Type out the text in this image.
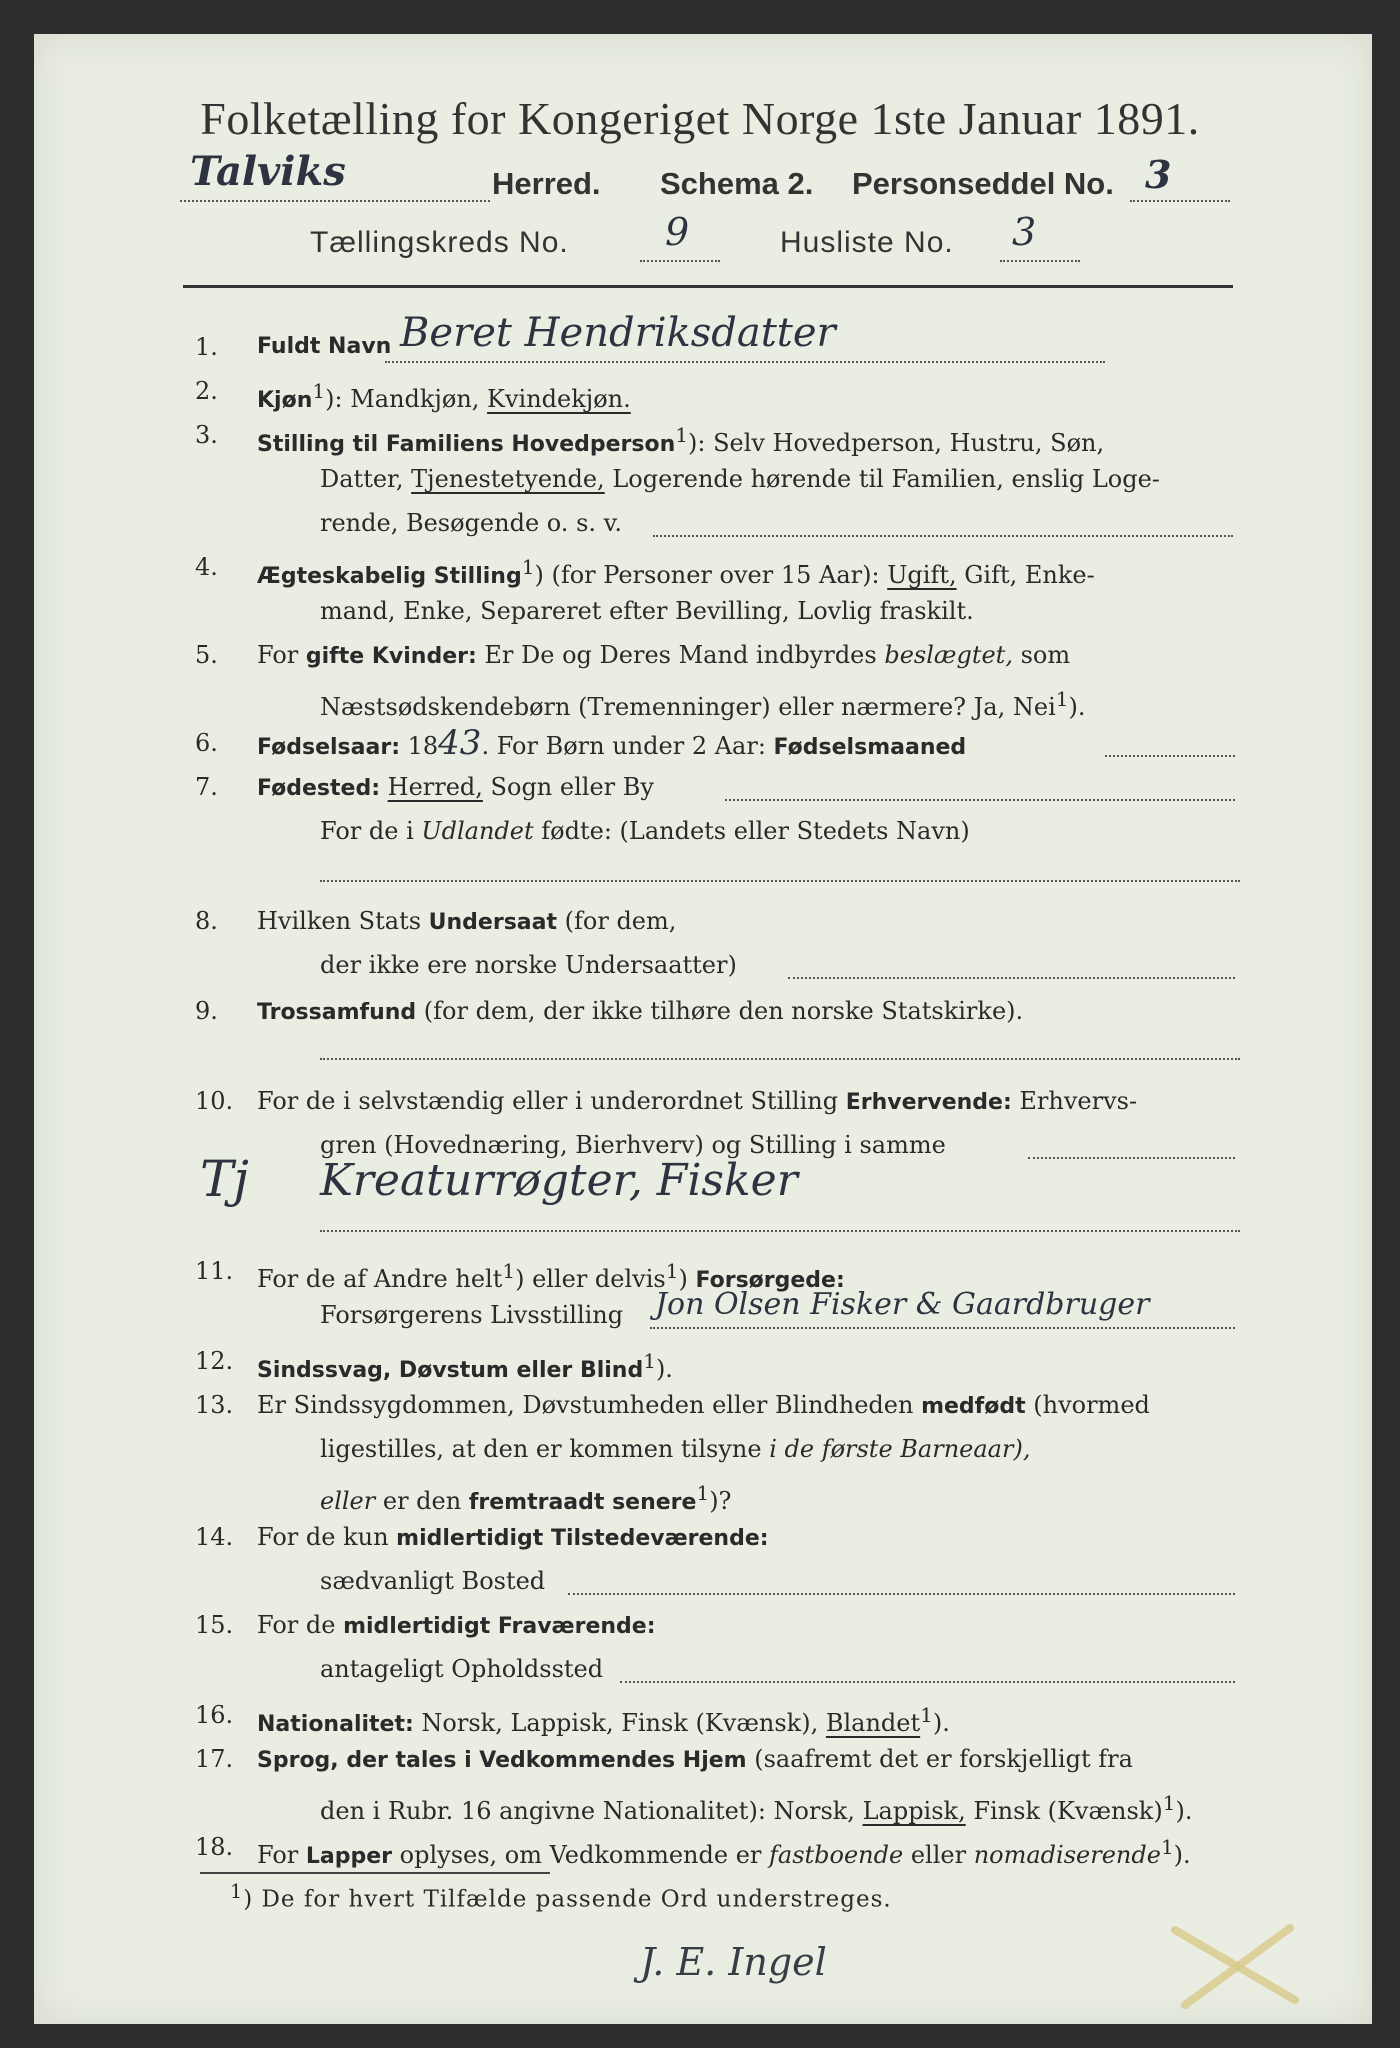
Folketælling for Kongeriget Norge 1ste Januar 1891.
Talviks	Herred. Schema 2. Personseddel No. 3
Tællingskreds No.	9	Husliste No. 3
1.	Fuldt Navn Beret Hendriksdatter
2.	Kjøn$^1$): Mandkjøn, Kvindekjøn.
3.	Stilling til Familiens Hovedperson$^1$): Selv Hovedperson, Hustru, Søn,
Datter, Tjenestetyende, Logerende hørende til Familien, enslig Loge-
rende, Besøgende o. s. v.
4.	Ægteskabelig Stilling$^1$) (for Personer over 15 Aar): Ugift, Gift, Enke-
mand, Enke, Separeret efter Bevilling, Lovlig fraskilt.
5.	For gifte Kvinder: Er De og Deres Mand indbyrdes beslægtet, som
Næstsødskendebørn (Tremenninger) eller nærmere? Ja, Nei$^1$).
6.	Fødselsaar: 1843. For Børn under 2 Aar: Fødselsmaaned
7.	Fødested: Herred, Sogn eller By
For de i Udlandet fødte: (Landets eller Stedets Navn)
8.	Hvilken Stats Undersaat (for dem,
der ikke ere norske Undersaatter)
9.	Trossamfund (for dem, der ikke tilhøre den norske Statskirke).
10. For de i selvstændig eller i underordnet Stilling Erhvervende: Erhvervs-
gren (Hovednæring, Bierhverv) og Stilling i samme
Tj Kreaturrøgter, Fisker
11. For de af Andre helt$^1$) eller delvis$^1$) Forsørgede:
Forsørgerens Livsstilling Jon Olsen Fisker & Gaardbruger
12.	Sindssvag, Døvstum eller Blind$^1$).
13. Er Sindssygdommen, Døvstumheden eller Blindheden medfødt (hvormed
ligestilles, at den er kommen tilsyne i de første Barneaar),
eller er den fremtraadt senere$^1$)?
14. For de kun midlertidigt Tilstedeværende:
sædvanligt Bosted
15. For de midlertidigt Fraværende:
antageligt Opholdssted
16.	Nationalitet: Norsk, Lappisk, Finsk (Kvænsk), Blandet$^1$).
17.	Sprog, der tales i Vedkommendes Hjem (saafremt det er forskjelligt fra
den i Rubr. 16 angivne Nationalitet): Norsk, Lappisk, Finsk (Kvænsk)$^1$).
18. For Lapper oplyses, om Vedkommende er fastboende eller nomadiserende$^1$).
$^1$) De for hvert Tilfælde passende Ord understreges.
J. E. Ingel
